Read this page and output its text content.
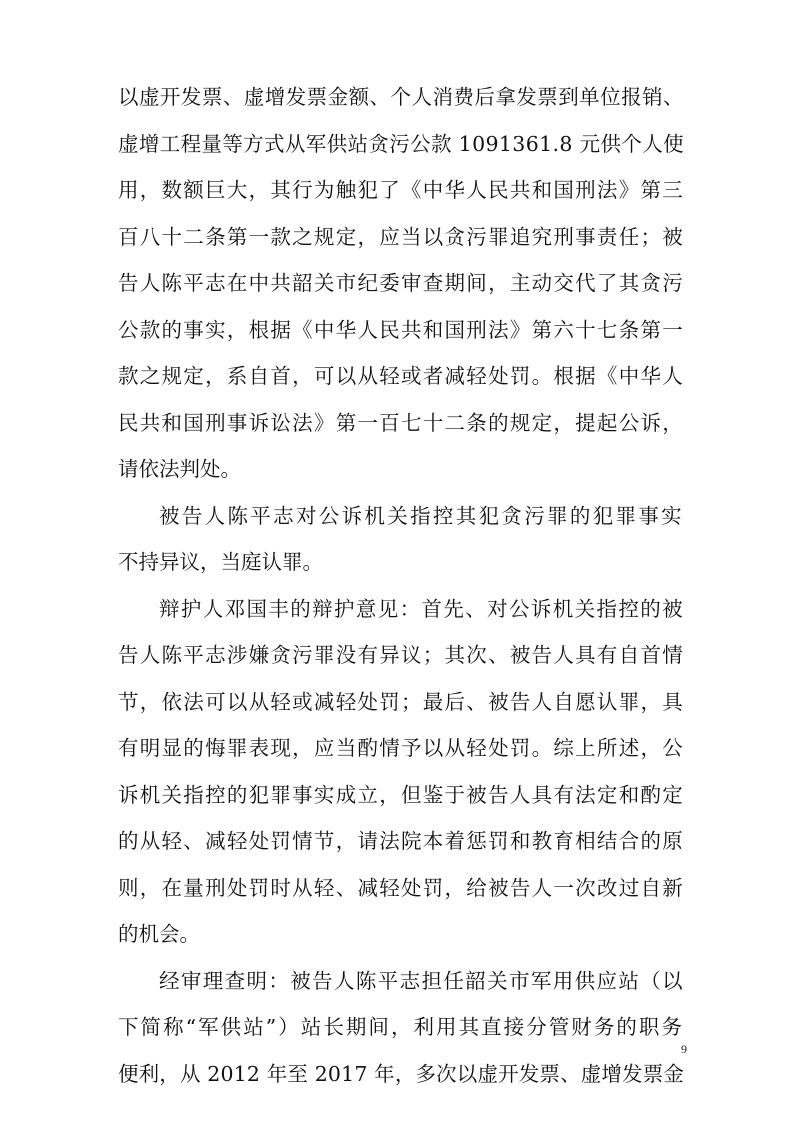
以虚开发票、虚增发票金额、个人消费后拿发票到单位报销、
虚增工程量等方式从军供站贪污公款 1091361.8 元供个人使
用，数额巨大，其行为触犯了《中华人民共和国刑法》第三
百八十二条第一款之规定，应当以贪污罪追究刑事责任；被
告人陈平志在中共韶关市纪委审查期间，主动交代了其贪污
公款的事实，根据《中华人民共和国刑法》第六十七条第一
款之规定，系自首，可以从轻或者减轻处罚。根据《中华人
民共和国刑事诉讼法》第一百七十二条的规定，提起公诉，
请依法判处。
被告人陈平志对公诉机关指控其犯贪污罪的犯罪事实
不持异议，当庭认罪。
辩护人邓国丰的辩护意见：首先、对公诉机关指控的被
告人陈平志涉嫌贪污罪没有异议；其次、被告人具有自首情
节，依法可以从轻或减轻处罚；最后、被告人自愿认罪，具
有明显的悔罪表现，应当酌情予以从轻处罚。综上所述，公
诉机关指控的犯罪事实成立，但鉴于被告人具有法定和酌定
的从轻、减轻处罚情节，请法院本着惩罚和教育相结合的原
则，在量刑处罚时从轻、减轻处罚，给被告人一次改过自新
的机会。
经审理查明：被告人陈平志担任韶关市军用供应站（以
下简称“军供站”）站长期间，利用其直接分管财务的职务
便利，从 2012 年至 2017 年，多次以虚开发票、虚增发票金
9
